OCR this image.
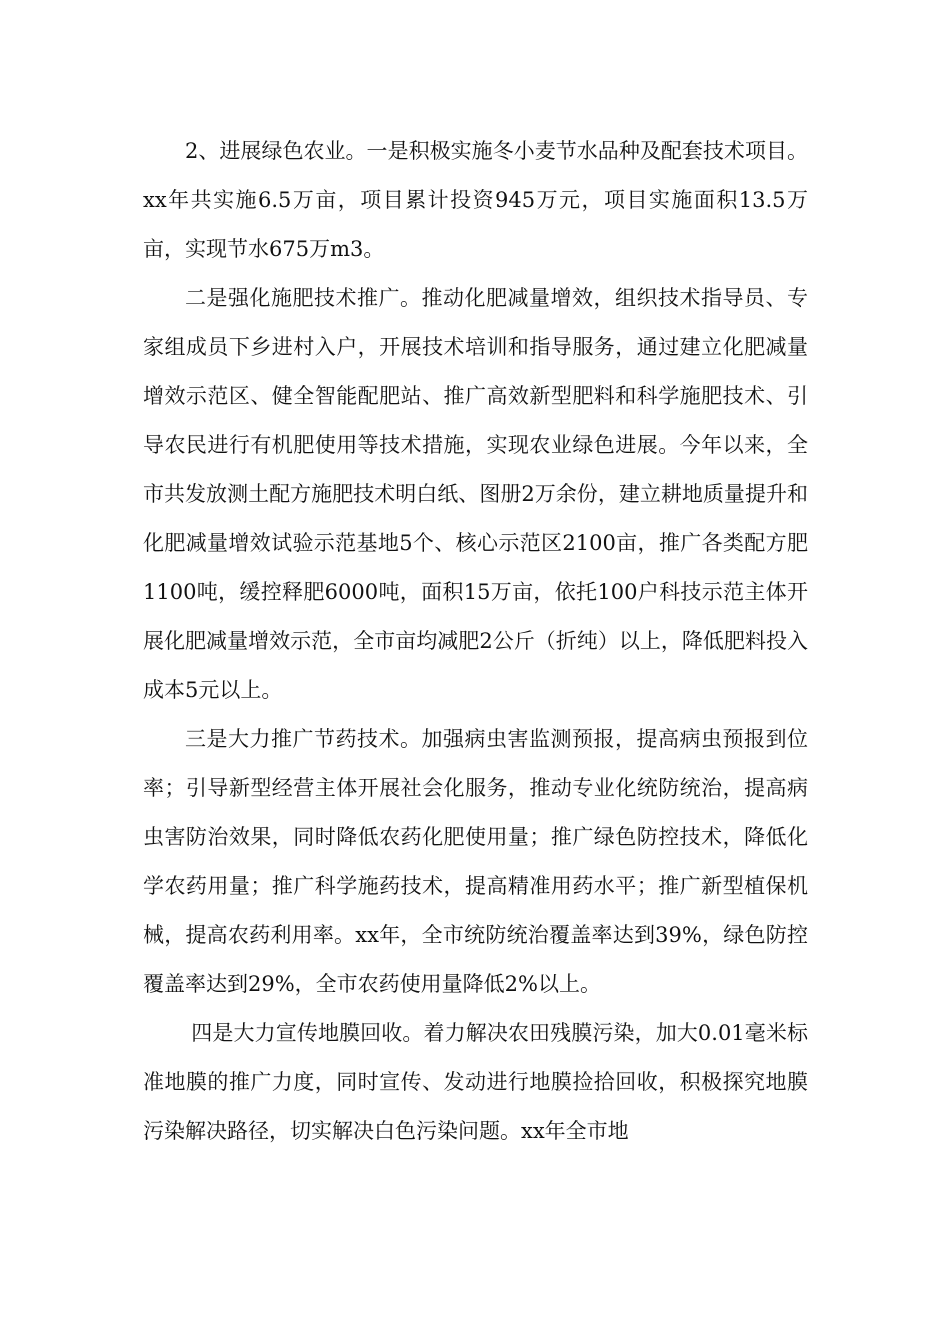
2、进展绿色农业。一是积极实施冬小麦节水品种及配套技术项目。xx年共实施6.5万亩，项目累计投资945万元，项目实施面积13.5万亩，实现节水675万m3。

二是强化施肥技术推广。推动化肥减量增效，组织技术指导员、专家组成员下乡进村入户，开展技术培训和指导服务，通过建立化肥减量增效示范区、健全智能配肥站、推广高效新型肥料和科学施肥技术、引导农民进行有机肥使用等技术措施，实现农业绿色进展。今年以来，全市共发放测土配方施肥技术明白纸、图册2万余份，建立耕地质量提升和化肥减量增效试验示范基地5个、核心示范区2100亩，推广各类配方肥1100吨，缓控释肥6000吨，面积15万亩，依托100户科技示范主体开展化肥减量增效示范，全市亩均减肥2公斤（折纯）以上，降低肥料投入成本5元以上。

三是大力推广节药技术。加强病虫害监测预报，提高病虫预报到位率；引导新型经营主体开展社会化服务，推动专业化统防统治，提高病虫害防治效果，同时降低农药化肥使用量；推广绿色防控技术，降低化学农药用量；推广科学施药技术，提高精准用药水平；推广新型植保机械，提高农药利用率。xx年，全市统防统治覆盖率达到39%，绿色防控覆盖率达到29%，全市农药使用量降低2%以上。

四是大力宣传地膜回收。着力解决农田残膜污染，加大0.01毫米标准地膜的推广力度，同时宣传、发动进行地膜捡拾回收，积极探究地膜污染解决路径，切实解决白色污染问题。xx年全市地
